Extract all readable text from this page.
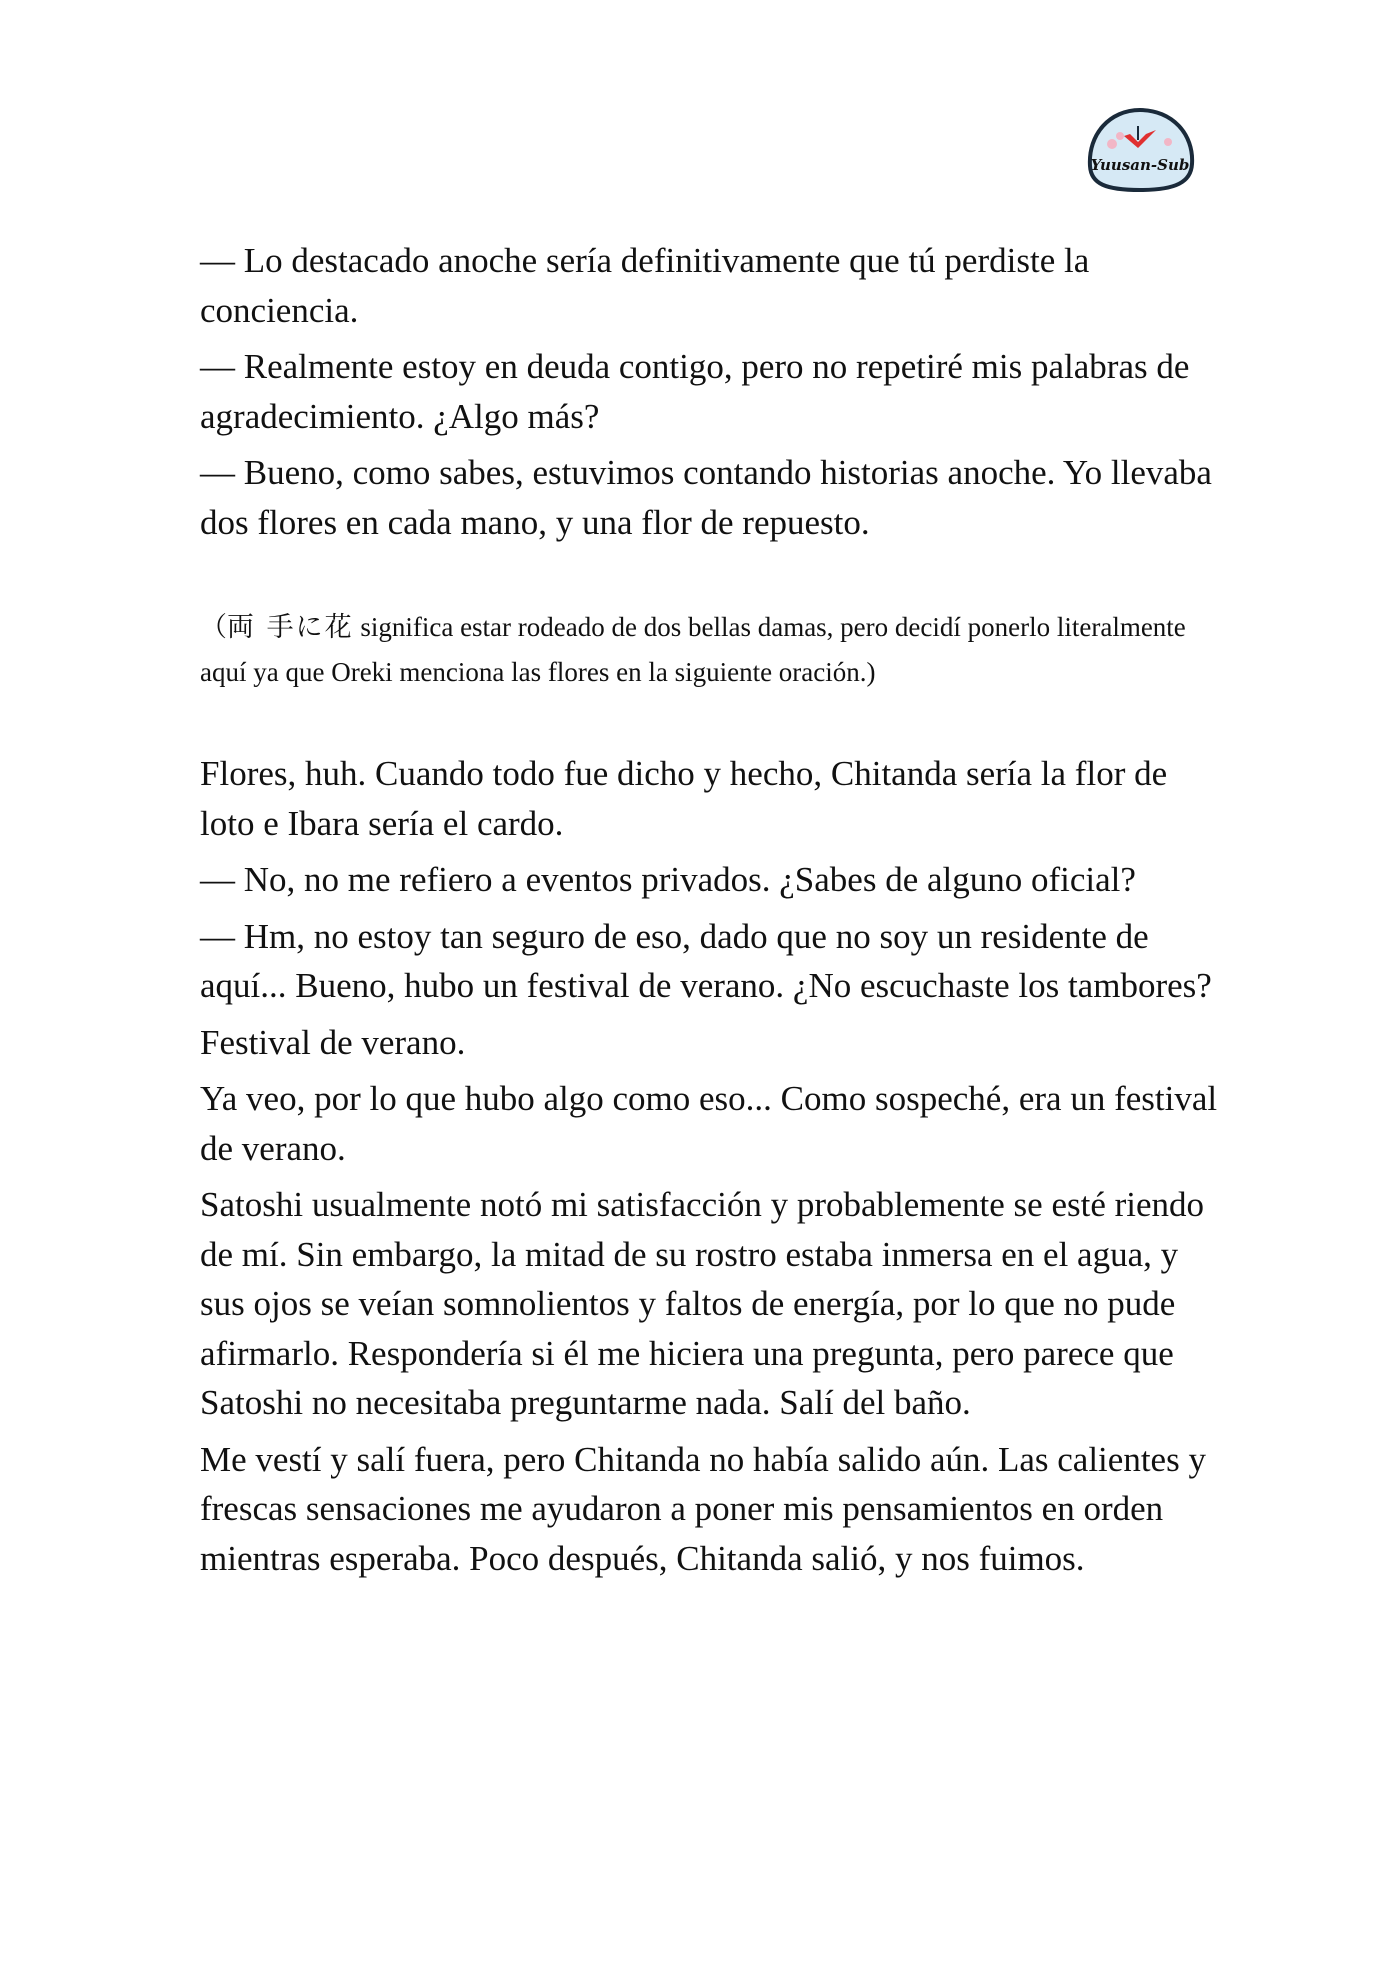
Yuusan-Sub

— Lo destacado anoche sería definitivamente que tú perdiste la conciencia.

— Realmente estoy en deuda contigo, pero no repetiré mis palabras de agradecimiento. ¿Algo más?

— Bueno, como sabes, estuvimos contando historias anoche. Yo llevaba dos flores en cada mano, y una flor de repuesto.

（両 手に花 significa estar rodeado de dos bellas damas, pero decidí ponerlo literalmente aquí ya que Oreki menciona las flores en la siguiente oración.)

Flores, huh. Cuando todo fue dicho y hecho, Chitanda sería la flor de loto e Ibara sería el cardo.

— No, no me refiero a eventos privados. ¿Sabes de alguno oficial?

— Hm, no estoy tan seguro de eso, dado que no soy un residente de aquí... Bueno, hubo un festival de verano. ¿No escuchaste los tambores?

Festival de verano.

Ya veo, por lo que hubo algo como eso... Como sospeché, era un festival de verano.

Satoshi usualmente notó mi satisfacción y probablemente se esté riendo de mí. Sin embargo, la mitad de su rostro estaba inmersa en el agua, y sus ojos se veían somnolientos y faltos de energía, por lo que no pude afirmarlo. Respondería si él me hiciera una pregunta, pero parece que Satoshi no necesitaba preguntarme nada. Salí del baño.

Me vestí y salí fuera, pero Chitanda no había salido aún. Las calientes y frescas sensaciones me ayudaron a poner mis pensamientos en orden mientras esperaba. Poco después, Chitanda salió, y nos fuimos.
